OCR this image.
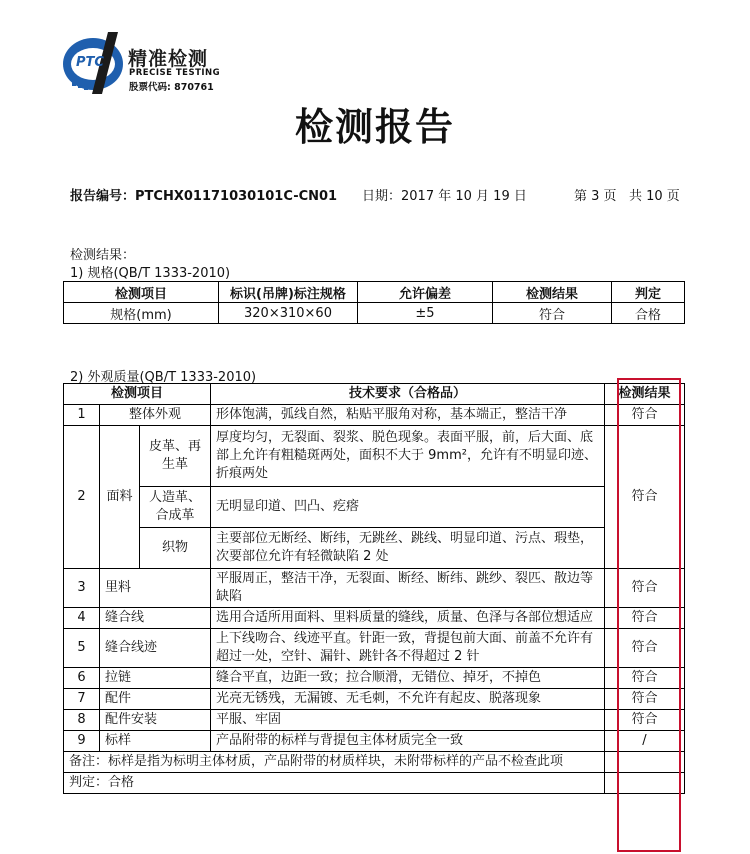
PTC 精准检测
PRECISE TESTING
股票代码: 870761
检测报告
报告编号：PTCHX01171030101C-CN01 日期：2017 年 10 月 19 日	第 3 页 共 10 页
检测结果：
1) 规格(QB/T 1333-2010)
检测项目	标识(吊牌)标注规格	允许偏差	检测结果	判定
规格(mm)	320×310×60	±5	符合	合格
2) 外观质量(QB/T 1333-2010)
检测项目			技术要求（合格品）	检测结果
1	整体外观		形体饱满，弧线自然，粘贴平服角对称，基本端正，整洁干净	符合
2	面料	皮革、再生革	厚度均匀，无裂面、裂浆、脱色现象。表面平服，前，后大面、底部上允许有粗糙斑两处，面积不大于 9mm²，允许有不明显印迹、折痕两处	符合
		人造革、合成革	无明显印道、凹凸、疙瘩	
		织物	主要部位无断经、断纬，无跳丝、跳线、明显印道、污点、瑕垫，次要部位允许有轻微缺陷 2 处	
3	里料		平服周正，整洁干净，无裂面、断经、断纬、跳纱、裂匹、散边等缺陷	符合
4	缝合线		选用合适所用面料、里料质量的缝线，质量、色泽与各部位想适应	符合
5	缝合线迹		上下线吻合、线迹平直。针距一致，背提包前大面、前盖不允许有超过一处，空针、漏针、跳针各不得超过 2 针	符合
6	拉链		缝合平直，边距一致；拉合顺滑，无错位、掉牙，不掉色	符合
7	配件		光亮无锈残，无漏镀、无毛刺，不允许有起皮、脱落现象	符合
8	配件安装		平服、牢固	符合
9	标样		产品附带的标样与背提包主体材质完全一致	/
备注：标样是指为标明主体材质，产品附带的材质样块，未附带标样的产品不检查此项				
判定：合格				
